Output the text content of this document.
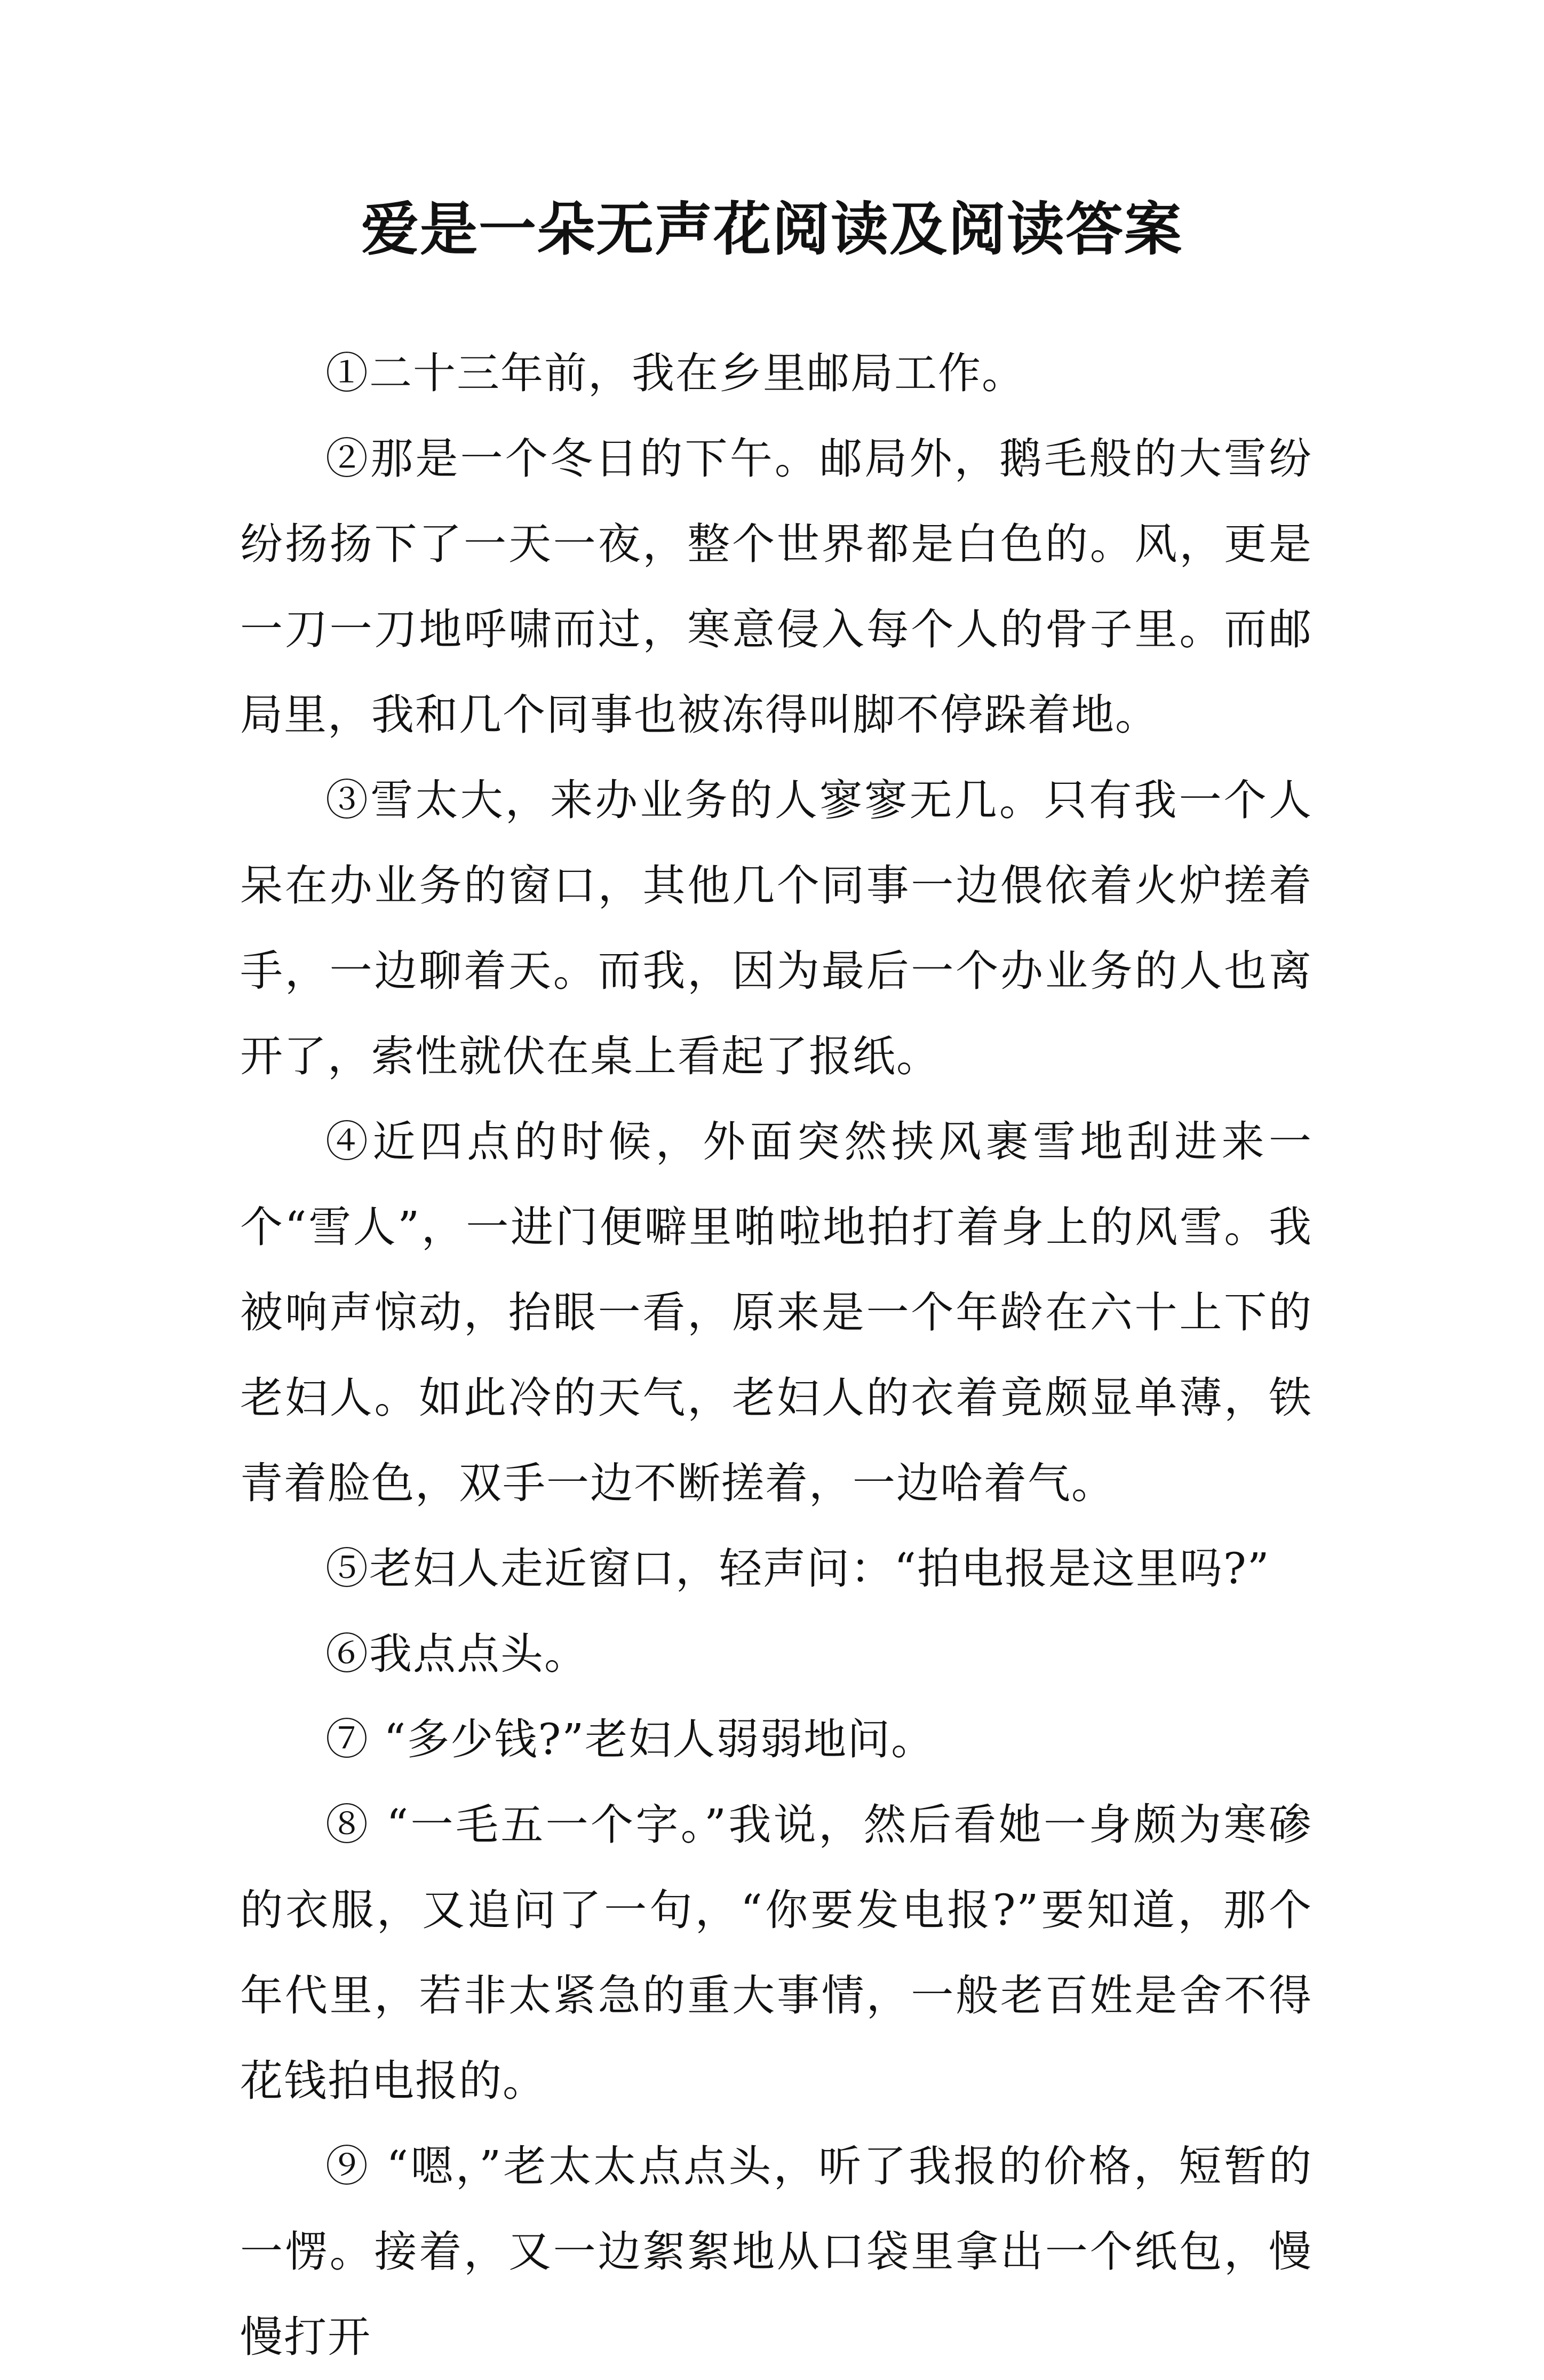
爱是一朵无声花阅读及阅读答案

①二十三年前，我在乡里邮局工作。

②那是一个冬日的下午。邮局外，鹅毛般的大雪纷纷扬扬下了一天一夜，整个世界都是白色的。风，更是一刀一刀地呼啸而过，寒意侵入每个人的骨子里。而邮局里，我和几个同事也被冻得叫脚不停跺着地。

③雪太大，来办业务的人寥寥无几。只有我一个人呆在办业务的窗口，其他几个同事一边偎依着火炉搓着手，一边聊着天。而我，因为最后一个办业务的人也离开了，索性就伏在桌上看起了报纸。

④近四点的时候，外面突然挟风裹雪地刮进来一个“雪人”，一进门便噼里啪啦地拍打着身上的风雪。我被响声惊动，抬眼一看，原来是一个年龄在六十上下的老妇人。如此冷的天气，老妇人的衣着竟颇显单薄，铁青着脸色，双手一边不断搓着，一边哈着气。

⑤老妇人走近窗口，轻声问：“拍电报是这里吗?”

⑥我点点头。

⑦ “多少钱?”老妇人弱弱地问。

⑧ “一毛五一个字。”我说，然后看她一身颇为寒碜的衣服，又追问了一句，“你要发电报?”要知道，那个年代里，若非太紧急的重大事情，一般老百姓是舍不得花钱拍电报的。

⑨ “嗯，”老太太点点头，听了我报的价格，短暂的一愣。接着，又一边絮絮地从口袋里拿出一个纸包，慢慢打开
